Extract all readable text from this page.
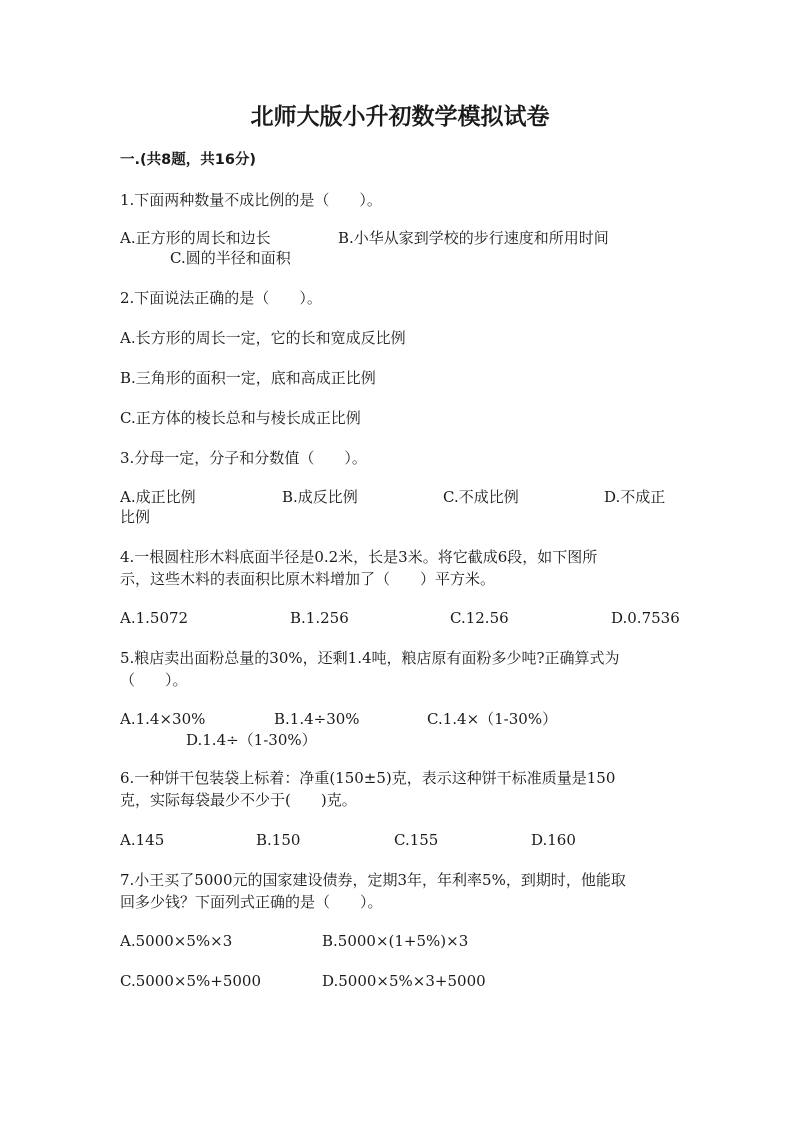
北师大版小升初数学模拟试卷
一.(共8题，共16分)
1.下面两种数量不成比例的是（　　）。
A.正方形的周长和边长	B.小华从家到学校的步行速度和所用时间
C.圆的半径和面积
2.下面说法正确的是（　　）。
A.长方形的周长一定，它的长和宽成反比例
B.三角形的面积一定，底和高成正比例
C.正方体的棱长总和与棱长成正比例
3.分母一定，分子和分数值（　　）。
A.成正比例	B.成反比例	C.不成比例	D.不成正
比例
4.一根圆柱形木料底面半径是0.2米，长是3米。将它截成6段，如下图所
示，这些木料的表面积比原木料增加了（　　）平方米。
A.1.5072	B.1.256	C.12.56	D.0.7536
5.粮店卖出面粉总量的30%，还剩1.4吨，粮店原有面粉多少吨?正确算式为
（　　）。
A.1.4×30%	B.1.4÷30%	C.1.4×（1-30%）
D.1.4÷（1-30%）
6.一种饼干包装袋上标着：净重(150±5)克，表示这种饼干标准质量是150
克，实际每袋最少不少于(　　)克。
A.145	B.150	C.155	D.160
7.小王买了5000元的国家建设债券，定期3年，年利率5%，到期时，他能取
回多少钱？下面列式正确的是（　　）。
A.5000×5%×3	B.5000×(1+5%)×3
C.5000×5%+5000	D.5000×5%×3+5000
